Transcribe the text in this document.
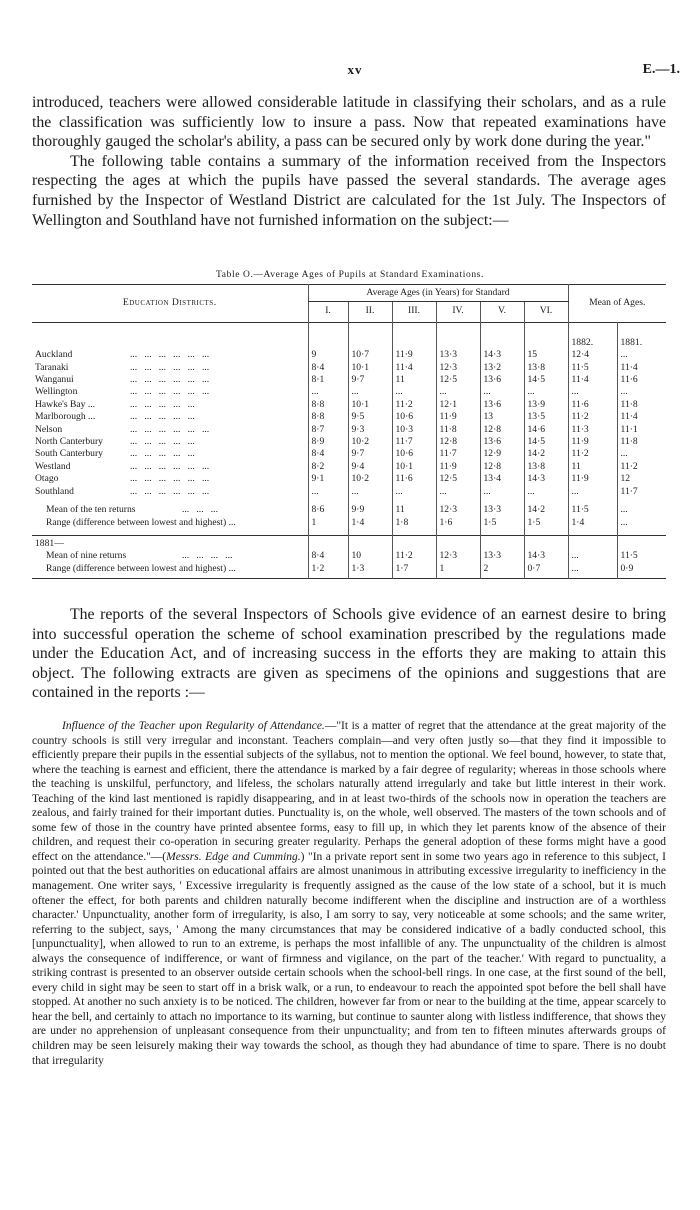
xv	E.—1.

introduced, teachers were allowed considerable latitude in classifying their scholars, and as a rule the classification was sufficiently low to insure a pass. Now that repeated examinations have thoroughly gauged the scholar's ability, a pass can be secured only by work done during the year."

The following table contains a summary of the information received from the Inspectors respecting the ages at which the pupils have passed the several standards. The average ages furnished by the Inspector of Westland District are calculated for the 1st July. The Inspectors of Wellington and Southland have not furnished information on the subject:—

Table O.—Average Ages of Pupils at Standard Examinations.
Education Districts.	Average Ages (in Years) for Standard						Mean of Ages.	
	I.	II.	III.	IV.	V.	VI.		
							1882.	1881.
Auckland ...   ...   ...   ...   ...   ...	9	10·7	11·9	13·3	14·3	15	12·4	...
Taranaki ...   ...   ...   ...   ...   ...	8·4	10·1	11·4	12·3	13·2	13·8	11·5	11·4
Wanganui ...   ...   ...   ...   ...   ...	8·1	9·7	11	12·5	13·6	14·5	11·4	11·6
Wellington ...   ...   ...   ...   ...   ...	...	...	...	...	...	...	...	...
Hawke's Bay ... ...   ...   ...   ...   ...	8·8	10·1	11·2	12·1	13·6	13·9	11·6	11·8
Marlborough ... ...   ...   ...   ...   ...	8·8	9·5	10·6	11·9	13	13·5	11·2	11·4
Nelson ...   ...   ...   ...   ...   ...	8·7	9·3	10·3	11·8	12·8	14·6	11·3	11·1
North Canterbury ...   ...   ...   ...   ...	8·9	10·2	11·7	12·8	13·6	14·5	11·9	11·8
South Canterbury ...   ...   ...   ...   ...	8·4	9·7	10·6	11·7	12·9	14·2	11·2	...
Westland ...   ...   ...   ...   ...   ...	8·2	9·4	10·1	11·9	12·8	13·8	11	11·2
Otago ...   ...   ...   ...   ...   ...	9·1	10·2	11·6	12·5	13·4	14·3	11·9	12
Southland ...   ...   ...   ...   ...   ...	...	...	...	...	...	...	...	11·7

Mean of the ten returns ...   ...   ...	8·6	9·9	11	12·3	13·3	14·2	11·5	...
Range (difference between lowest and highest) ...	1	1·4	1·8	1·6	1·5	1·5	1·4	...

1881—								
Mean of nine returns ...   ...   ...   ...	8·4	10	11·2	12·3	13·3	14·3	...	11·5
Range (difference between lowest and highest) ...	1·2	1·3	1·7	1	2	0·7	...	0·9

The reports of the several Inspectors of Schools give evidence of an earnest desire to bring into successful operation the scheme of school examination prescribed by the regulations made under the Education Act, and of increasing success in the efforts they are making to attain this object. The following extracts are given as specimens of the opinions and suggestions that are contained in the reports :—

Influence of the Teacher upon Regularity of Attendance.—"It is a matter of regret that the attendance at the great majority of the country schools is still very irregular and inconstant. Teachers complain—and very often justly so—that they find it impossible to efficiently prepare their pupils in the essential subjects of the syllabus, not to mention the optional. We feel bound, however, to state that, where the teaching is earnest and efficient, there the attendance is marked by a fair degree of regularity; whereas in those schools where the teaching is unskilful, perfunctory, and lifeless, the scholars naturally attend irregularly and take but little interest in their work. Teaching of the kind last mentioned is rapidly disappearing, and in at least two-thirds of the schools now in operation the teachers are zealous, and fairly trained for their important duties. Punctuality is, on the whole, well observed. The masters of the town schools and of some few of those in the country have printed absentee forms, easy to fill up, in which they let parents know of the absence of their children, and request their co-operation in securing greater regularity. Perhaps the general adoption of these forms might have a good effect on the attendance."—(Messrs. Edge and Cumming.) "In a private report sent in some two years ago in reference to this subject, I pointed out that the best authorities on educational affairs are almost unanimous in attributing excessive irregularity to inefficiency in the management. One writer says, ' Excessive irregularity is frequently assigned as the cause of the low state of a school, but it is much oftener the effect, for both parents and children naturally become indifferent when the discipline and instruction are of a worthless character.' Unpunctuality, another form of irregularity, is also, I am sorry to say, very noticeable at some schools; and the same writer, referring to the subject, says, ' Among the many circumstances that may be considered indicative of a badly conducted school, this [unpunctuality], when allowed to run to an extreme, is perhaps the most infallible of any. The unpunctuality of the children is almost always the consequence of indifference, or want of firmness and vigilance, on the part of the teacher.' With regard to punctuality, a striking contrast is presented to an observer outside certain schools when the school-bell rings. In one case, at the first sound of the bell, every child in sight may be seen to start off in a brisk walk, or a run, to endeavour to reach the appointed spot before the bell shall have stopped. At another no such anxiety is to be noticed. The children, however far from or near to the building at the time, appear scarcely to hear the bell, and certainly to attach no importance to its warning, but continue to saunter along with listless indifference, that shows they are under no apprehension of unpleasant consequence from their unpunctuality; and from ten to fifteen minutes afterwards groups of children may be seen leisurely making their way towards the school, as though they had abundance of time to spare. There is no doubt that irregularity
